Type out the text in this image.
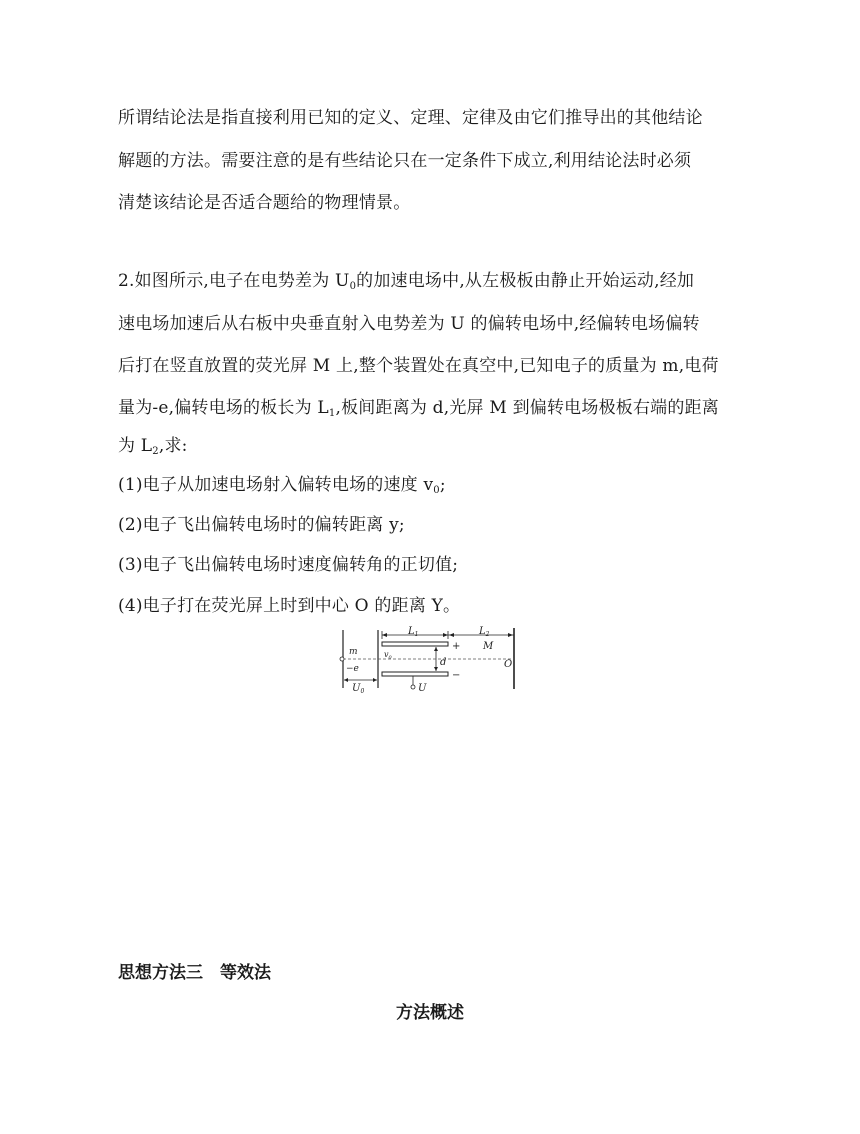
所谓结论法是指直接利用已知的定义、定理、定律及由它们推导出的其他结论
解题的方法。需要注意的是有些结论只在一定条件下成立,利用结论法时必须
清楚该结论是否适合题给的物理情景。
2.如图所示,电子在电势差为 $U_0$的加速电场中,从左极板由静止开始运动,经加
速电场加速后从右板中央垂直射入电势差为 U 的偏转电场中,经偏转电场偏转
后打在竖直放置的荧光屏 M 上,整个装置处在真空中,已知电子的质量为 m,电荷
量为-e,偏转电场的板长为 $L_1$,板间距离为 d,光屏 M 到偏转电场极板右端的距离
为 $L_2$,求:
(1)电子从加速电场射入偏转电场的速度 $v_0$;
(2)电子飞出偏转电场时的偏转距离 y;
(3)电子飞出偏转电场时速度偏转角的正切值;
(4)电子打在荧光屏上时到中心 O 的距离 Y。
$L_1$	$L_2$
+
−
d
m
−e
$v_0$
M
O
$U_0$	U
思想方法三　等效法
方法概述
